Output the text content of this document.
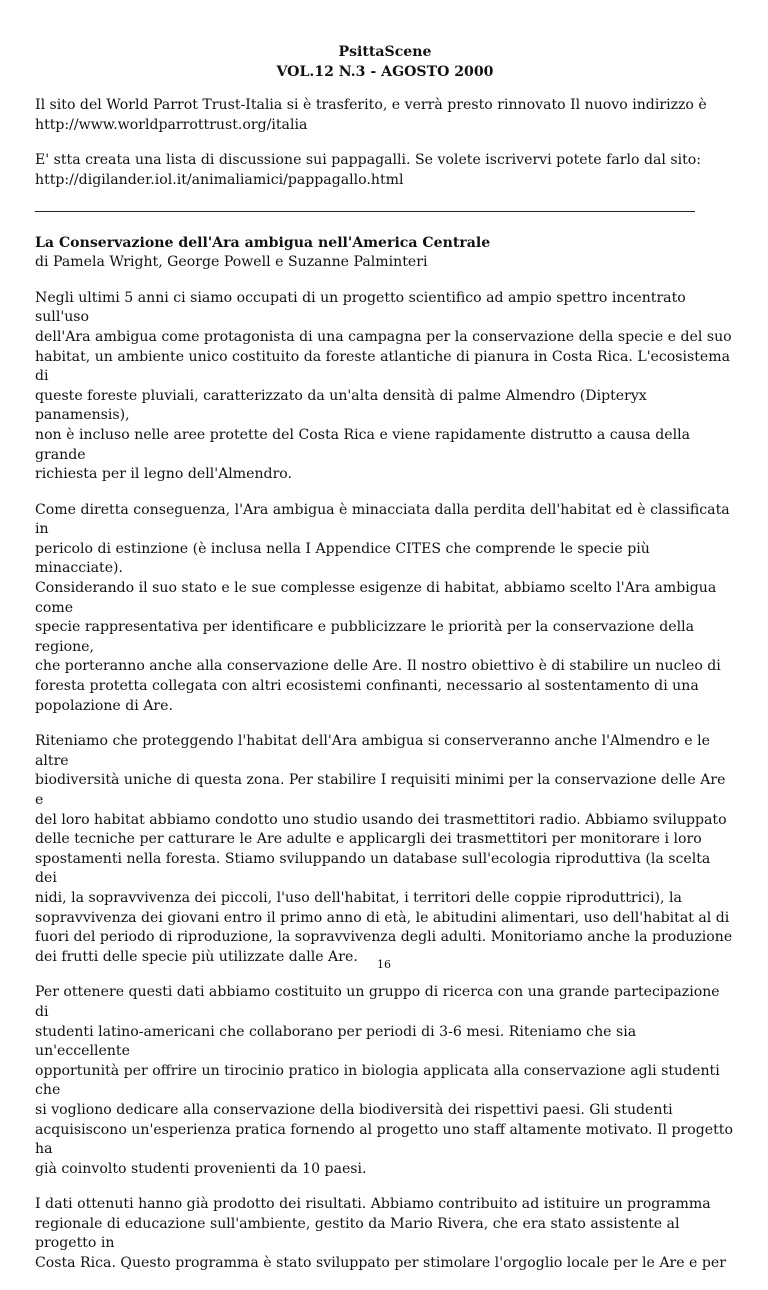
PsittaScene
VOL.12 N.3 - AGOSTO 2000

Il sito del World Parrot Trust-Italia si è trasferito, e verrà presto rinnovato Il nuovo indirizzo è
http://www.worldparrottrust.org/italia

E' stta creata una lista di discussione sui pappagalli. Se volete iscrivervi potete farlo dal sito:
http://digilander.iol.it/animaliamici/pappagallo.html

La Conservazione dell'Ara ambigua nell'America Centrale
di Pamela Wright, George Powell e Suzanne Palminteri

Negli ultimi 5 anni ci siamo occupati di un progetto scientifico ad ampio spettro incentrato sull'uso
dell'Ara ambigua come protagonista di una campagna per la conservazione della specie e del suo
habitat, un ambiente unico costituito da foreste atlantiche di pianura in Costa Rica. L'ecosistema di
queste foreste pluviali, caratterizzato da un'alta densità di palme Almendro (Dipteryx panamensis),
non è incluso nelle aree protette del Costa Rica e viene rapidamente distrutto a causa della grande
richiesta per il legno dell'Almendro.

Come diretta conseguenza, l'Ara ambigua è minacciata dalla perdita dell'habitat ed è classificata in
pericolo di estinzione (è inclusa nella I Appendice CITES che comprende le specie più minacciate).
Considerando il suo stato e le sue complesse esigenze di habitat, abbiamo scelto l'Ara ambigua come
specie rappresentativa per identificare e pubblicizzare le priorità per la conservazione della regione,
che porteranno anche alla conservazione delle Are. Il nostro obiettivo è di stabilire un nucleo di
foresta protetta collegata con altri ecosistemi confinanti, necessario al sostentamento di una
popolazione di Are.

Riteniamo che proteggendo l'habitat dell'Ara ambigua si conserveranno anche l'Almendro e le altre
biodiversità uniche di questa zona. Per stabilire I requisiti minimi per la conservazione delle Are e
del loro habitat abbiamo condotto uno studio usando dei trasmettitori radio. Abbiamo sviluppato
delle tecniche per catturare le Are adulte e applicargli dei trasmettitori per monitorare i loro
spostamenti nella foresta. Stiamo sviluppando un database sull'ecologia riproduttiva (la scelta dei
nidi, la sopravvivenza dei piccoli, l'uso dell'habitat, i territori delle coppie riproduttrici), la
sopravvivenza dei giovani entro il primo anno di età, le abitudini alimentari, uso dell'habitat al di
fuori del periodo di riproduzione, la sopravvivenza degli adulti. Monitoriamo anche la produzione
dei frutti delle specie più utilizzate dalle Are.

Per ottenere questi dati abbiamo costituito un gruppo di ricerca con una grande partecipazione di
studenti latino-americani che collaborano per periodi di 3-6 mesi. Riteniamo che sia un'eccellente
opportunità per offrire un tirocinio pratico in biologia applicata alla conservazione agli studenti che
si vogliono dedicare alla conservazione della biodiversità dei rispettivi paesi. Gli studenti
acquisiscono un'esperienza pratica fornendo al progetto uno staff altamente motivato. Il progetto ha
già coinvolto studenti provenienti da 10 paesi.

I dati ottenuti hanno già prodotto dei risultati. Abbiamo contribuito ad istituire un programma
regionale di educazione sull'ambiente, gestito da Mario Rivera, che era stato assistente al progetto in
Costa Rica. Questo programma è stato sviluppato per stimolare l'orgoglio locale per le Are e per

16
